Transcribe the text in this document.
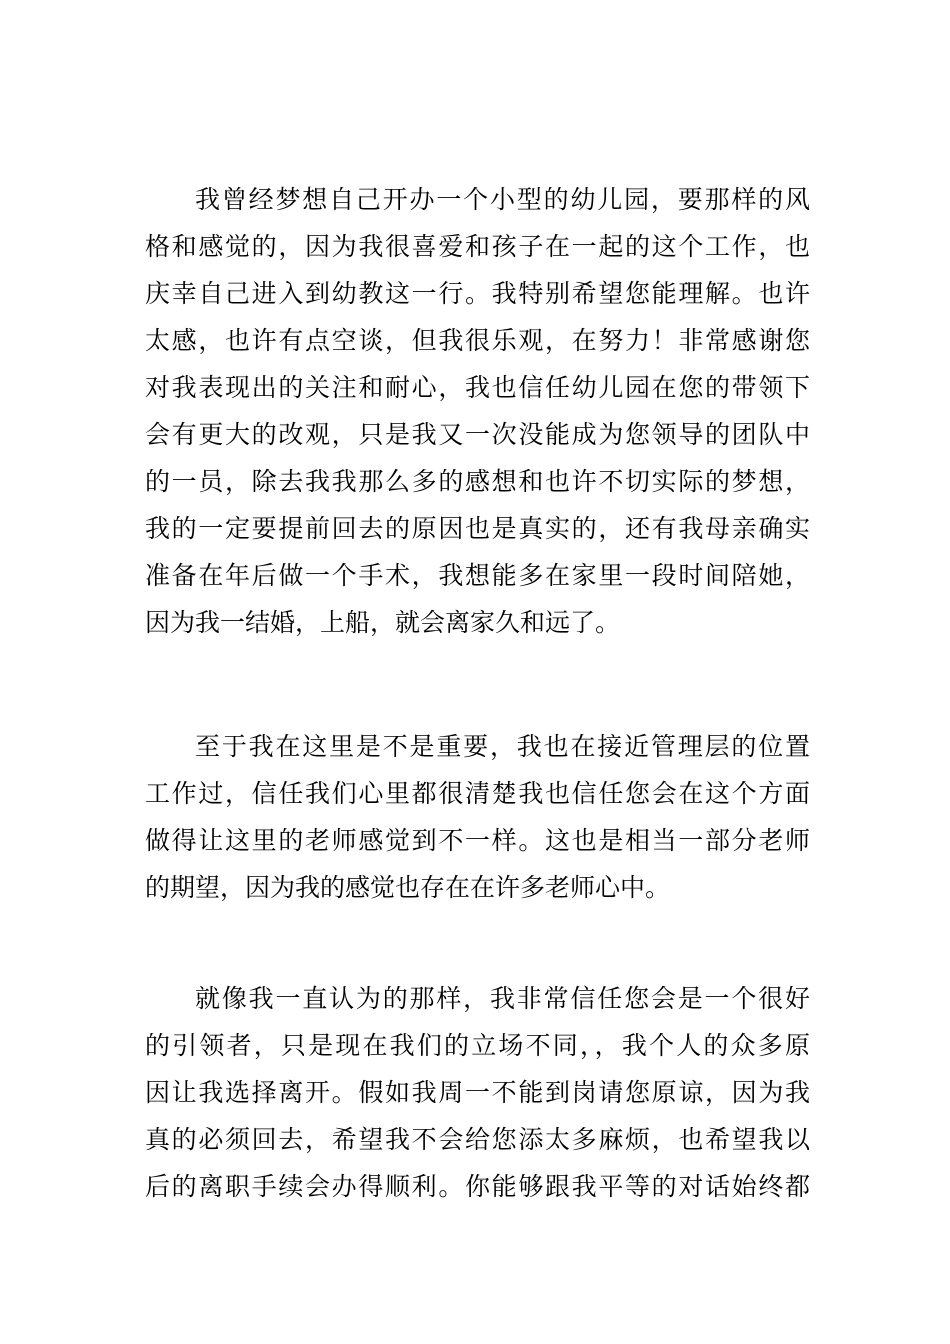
我曾经梦想自己开办一个小型的幼儿园，要那样的风
格和感觉的，因为我很喜爱和孩子在一起的这个工作，也
庆幸自己进入到幼教这一行。我特别希望您能理解。也许
太感，也许有点空谈，但我很乐观，在努力！非常感谢您
对我表现出的关注和耐心，我也信任幼儿园在您的带领下
会有更大的改观，只是我又一次没能成为您领导的团队中
的一员，除去我我那么多的感想和也许不切实际的梦想，
我的一定要提前回去的原因也是真实的，还有我母亲确实
准备在年后做一个手术，我想能多在家里一段时间陪她，
因为我一结婚，上船，就会离家久和远了。
至于我在这里是不是重要，我也在接近管理层的位置
工作过，信任我们心里都很清楚我也信任您会在这个方面
做得让这里的老师感觉到不一样。这也是相当一部分老师
的期望，因为我的感觉也存在在许多老师心中。
就像我一直认为的那样，我非常信任您会是一个很好
的引领者，只是现在我们的立场不同，，我个人的众多原
因让我选择离开。假如我周一不能到岗请您原谅，因为我
真的必须回去，希望我不会给您添太多麻烦，也希望我以
后的离职手续会办得顺利。你能够跟我平等的对话始终都
